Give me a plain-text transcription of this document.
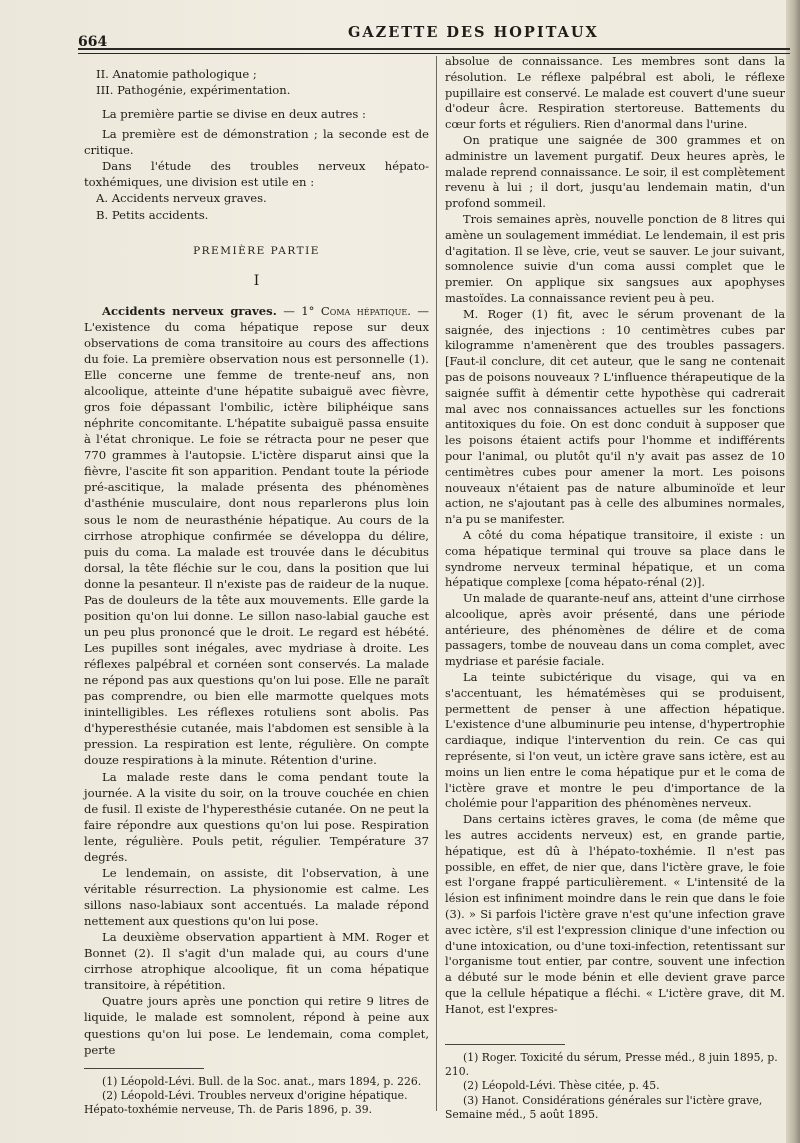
664
GAZETTE DES HOPITAUX

II. Anatomie pathologique ;

III. Pathogénie, expérimentation.

La première partie se divise en deux autres :

La première est de démonstration ; la seconde est de critique.

Dans l'étude des troubles nerveux hépato-toxhémiques, une division est utile en :

A. Accidents nerveux graves.

B. Petits accidents.

PREMIÈRE PARTIE

I

Accidents nerveux graves. — 1° Coma hépatique. — L'existence du coma hépatique repose sur deux observations de coma transitoire au cours des affections du foie. La première observation nous est personnelle (1). Elle concerne une femme de trente-neuf ans, non alcoolique, atteinte d'une hépatite subaiguë avec fièvre, gros foie dépassant l'ombilic, ictère biliphéique sans néphrite concomitante. L'hépatite subaiguë passa ensuite à l'état chronique. Le foie se rétracta pour ne peser que 770 grammes à l'autopsie. L'ictère disparut ainsi que la fièvre, l'ascite fit son apparition. Pendant toute la période pré-ascitique, la malade présenta des phénomènes d'asthénie musculaire, dont nous reparlerons plus loin sous le nom de neurasthénie hépatique. Au cours de la cirrhose atrophique confirmée se développa du délire, puis du coma. La malade est trouvée dans le décubitus dorsal, la tête fléchie sur le cou, dans la position que lui donne la pesanteur. Il n'existe pas de raideur de la nuque. Pas de douleurs de la tête aux mouvements. Elle garde la position qu'on lui donne. Le sillon naso-labial gauche est un peu plus prononcé que le droit. Le regard est hébété. Les pupilles sont inégales, avec mydriase à droite. Les réflexes palpébral et cornéen sont conservés. La malade ne répond pas aux questions qu'on lui pose. Elle ne paraît pas comprendre, ou bien elle marmotte quelques mots inintelligibles. Les réflexes rotuliens sont abolis. Pas d'hyperesthésie cutanée, mais l'abdomen est sensible à la pression. La respiration est lente, régulière. On compte douze respirations à la minute. Rétention d'urine.

La malade reste dans le coma pendant toute la journée. A la visite du soir, on la trouve couchée en chien de fusil. Il existe de l'hyperesthésie cutanée. On ne peut la faire répondre aux questions qu'on lui pose. Respiration lente, régulière. Pouls petit, régulier. Température 37 degrés.

Le lendemain, on assiste, dit l'observation, à une véritable résurrection. La physionomie est calme. Les sillons naso-labiaux sont accentués. La malade répond nettement aux questions qu'on lui pose.

La deuxième observation appartient à MM. Roger et Bonnet (2). Il s'agit d'un malade qui, au cours d'une cirrhose atrophique alcoolique, fit un coma hépatique transitoire, à répétition.

Quatre jours après une ponction qui retire 9 litres de liquide, le malade est somnolent, répond à peine aux questions qu'on lui pose. Le lendemain, coma complet, perte

(1) Léopold-Lévi. Bull. de la Soc. anat., mars 1894, p. 226.

(2) Léopold-Lévi. Troubles nerveux d'origine hépatique. Hépato-toxhémie nerveuse, Th. de Paris 1896, p. 39.

absolue de connaissance. Les membres sont dans la résolution. Le réflexe palpébral est aboli, le réflexe pupillaire est conservé. Le malade est couvert d'une sueur d'odeur âcre. Respiration stertoreuse. Battements du cœur forts et réguliers. Rien d'anormal dans l'urine.

On pratique une saignée de 300 grammes et on administre un lavement purgatif. Deux heures après, le malade reprend connaissance. Le soir, il est complètement revenu à lui ; il dort, jusqu'au lendemain matin, d'un profond sommeil.

Trois semaines après, nouvelle ponction de 8 litres qui amène un soulagement immédiat. Le lendemain, il est pris d'agitation. Il se lève, crie, veut se sauver. Le jour suivant, somnolence suivie d'un coma aussi complet que le premier. On applique six sangsues aux apophyses mastoïdes. La connaissance revient peu à peu.

M. Roger (1) fit, avec le sérum provenant de la saignée, des injections : 10 centimètres cubes par kilogramme n'amenèrent que des troubles passagers. [Faut-il conclure, dit cet auteur, que le sang ne contenait pas de poisons nouveaux ? L'influence thérapeutique de la saignée suffit à démentir cette hypothèse qui cadrerait mal avec nos connaissances actuelles sur les fonctions antitoxiques du foie. On est donc conduit à supposer que les poisons étaient actifs pour l'homme et indifférents pour l'animal, ou plutôt qu'il n'y avait pas assez de 10 centimètres cubes pour amener la mort. Les poisons nouveaux n'étaient pas de nature albuminoïde et leur action, ne s'ajoutant pas à celle des albumines normales, n'a pu se manifester.

A côté du coma hépatique transitoire, il existe : un coma hépatique terminal qui trouve sa place dans le syndrome nerveux terminal hépatique, et un coma hépatique complexe [coma hépato-rénal (2)].

Un malade de quarante-neuf ans, atteint d'une cirrhose alcoolique, après avoir présenté, dans une période antérieure, des phénomènes de délire et de coma passagers, tombe de nouveau dans un coma complet, avec mydriase et parésie faciale.

La teinte subictérique du visage, qui va en s'accentuant, les hématémèses qui se produisent, permettent de penser à une affection hépatique. L'existence d'une albuminurie peu intense, d'hypertrophie cardiaque, indique l'intervention du rein. Ce cas qui représente, si l'on veut, un ictère grave sans ictère, est au moins un lien entre le coma hépatique pur et le coma de l'ictère grave et montre le peu d'importance de la cholémie pour l'apparition des phénomènes nerveux.

Dans certains ictères graves, le coma (de même que les autres accidents nerveux) est, en grande partie, hépatique, est dû à l'hépato-toxhémie. Il n'est pas possible, en effet, de nier que, dans l'ictère grave, le foie est l'organe frappé particulièrement. « L'intensité de la lésion est infiniment moindre dans le rein que dans le foie (3). » Si parfois l'ictère grave n'est qu'une infection grave avec ictère, s'il est l'expression clinique d'une infection ou d'une intoxication, ou d'une toxi-infection, retentissant sur l'organisme tout entier, par contre, souvent une infection a débuté sur le mode bénin et elle devient grave parce que la cellule hépatique a fléchi. « L'ictère grave, dit M. Hanot, est l'expres-

(1) Roger. Toxicité du sérum, Presse méd., 8 juin 1895, p. 210.

(2) Léopold-Lévi. Thèse citée, p. 45.

(3) Hanot. Considérations générales sur l'ictère grave, Semaine méd., 5 août 1895.
